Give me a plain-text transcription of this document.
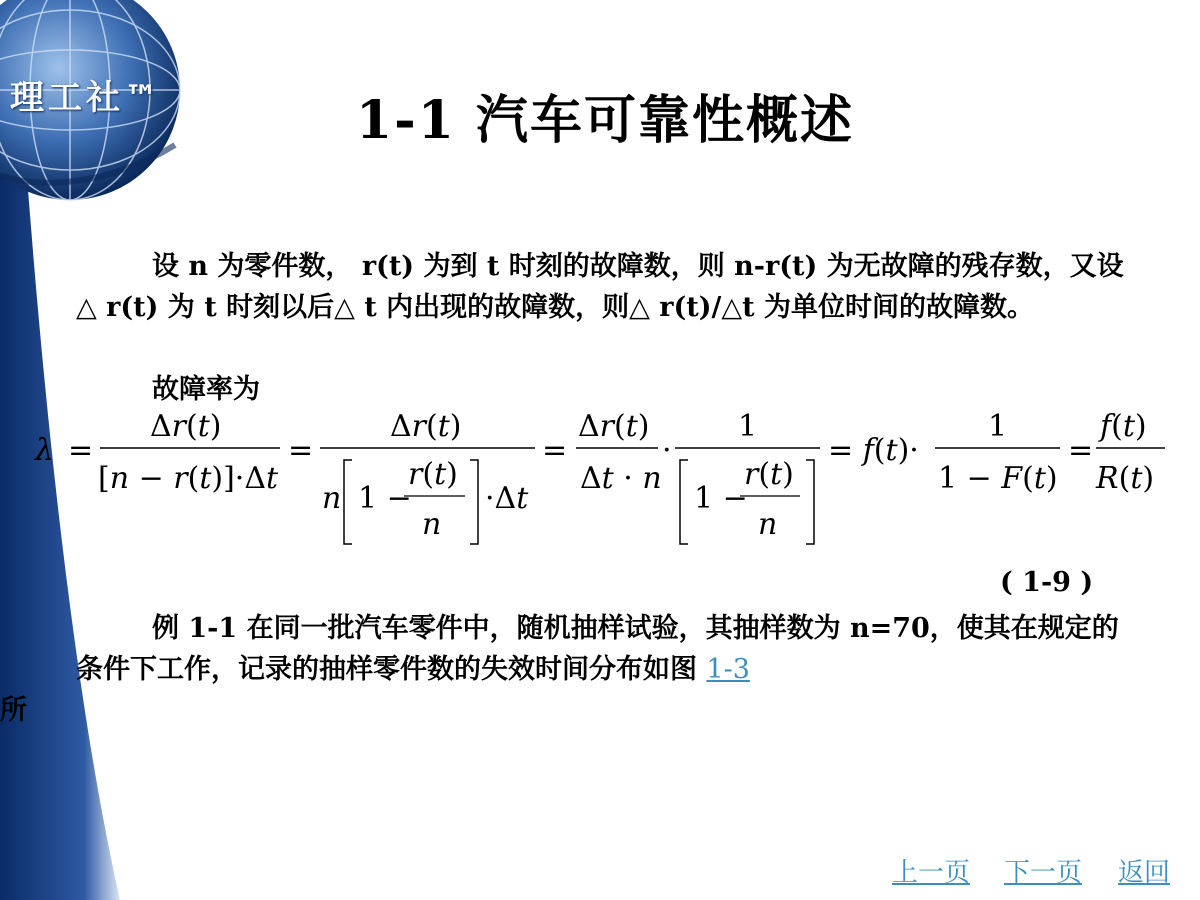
理工社™	1-1 汽车可靠性概述

设 n 为零件数， r(t) 为到 t 时刻的故障数，则 n-r(t) 为无故障的残存数，又设△ r(t) 为 t 时刻以后△ t 内出现的故障数，则△ r(t)/△t 为单位时间的故障数。

故障率为

λ =
Δr(t)
[n − r(t)]·Δt
=
Δr(t)
n 1 −
r(t)
n
·Δt
=
Δr(t)
Δt · n
·
1
1 −
r(t)
n
= f(t)·
1
1 − F(t)
=
f(t)
R(t)
( 1-9 )

例 1-1 在同一批汽车零件中，随机抽样试验，其抽样数为 n=70，使其在规定的条件下工作，记录的抽样零件数的失效时间分布如图 1-3
所

上一页 下一页 返回
